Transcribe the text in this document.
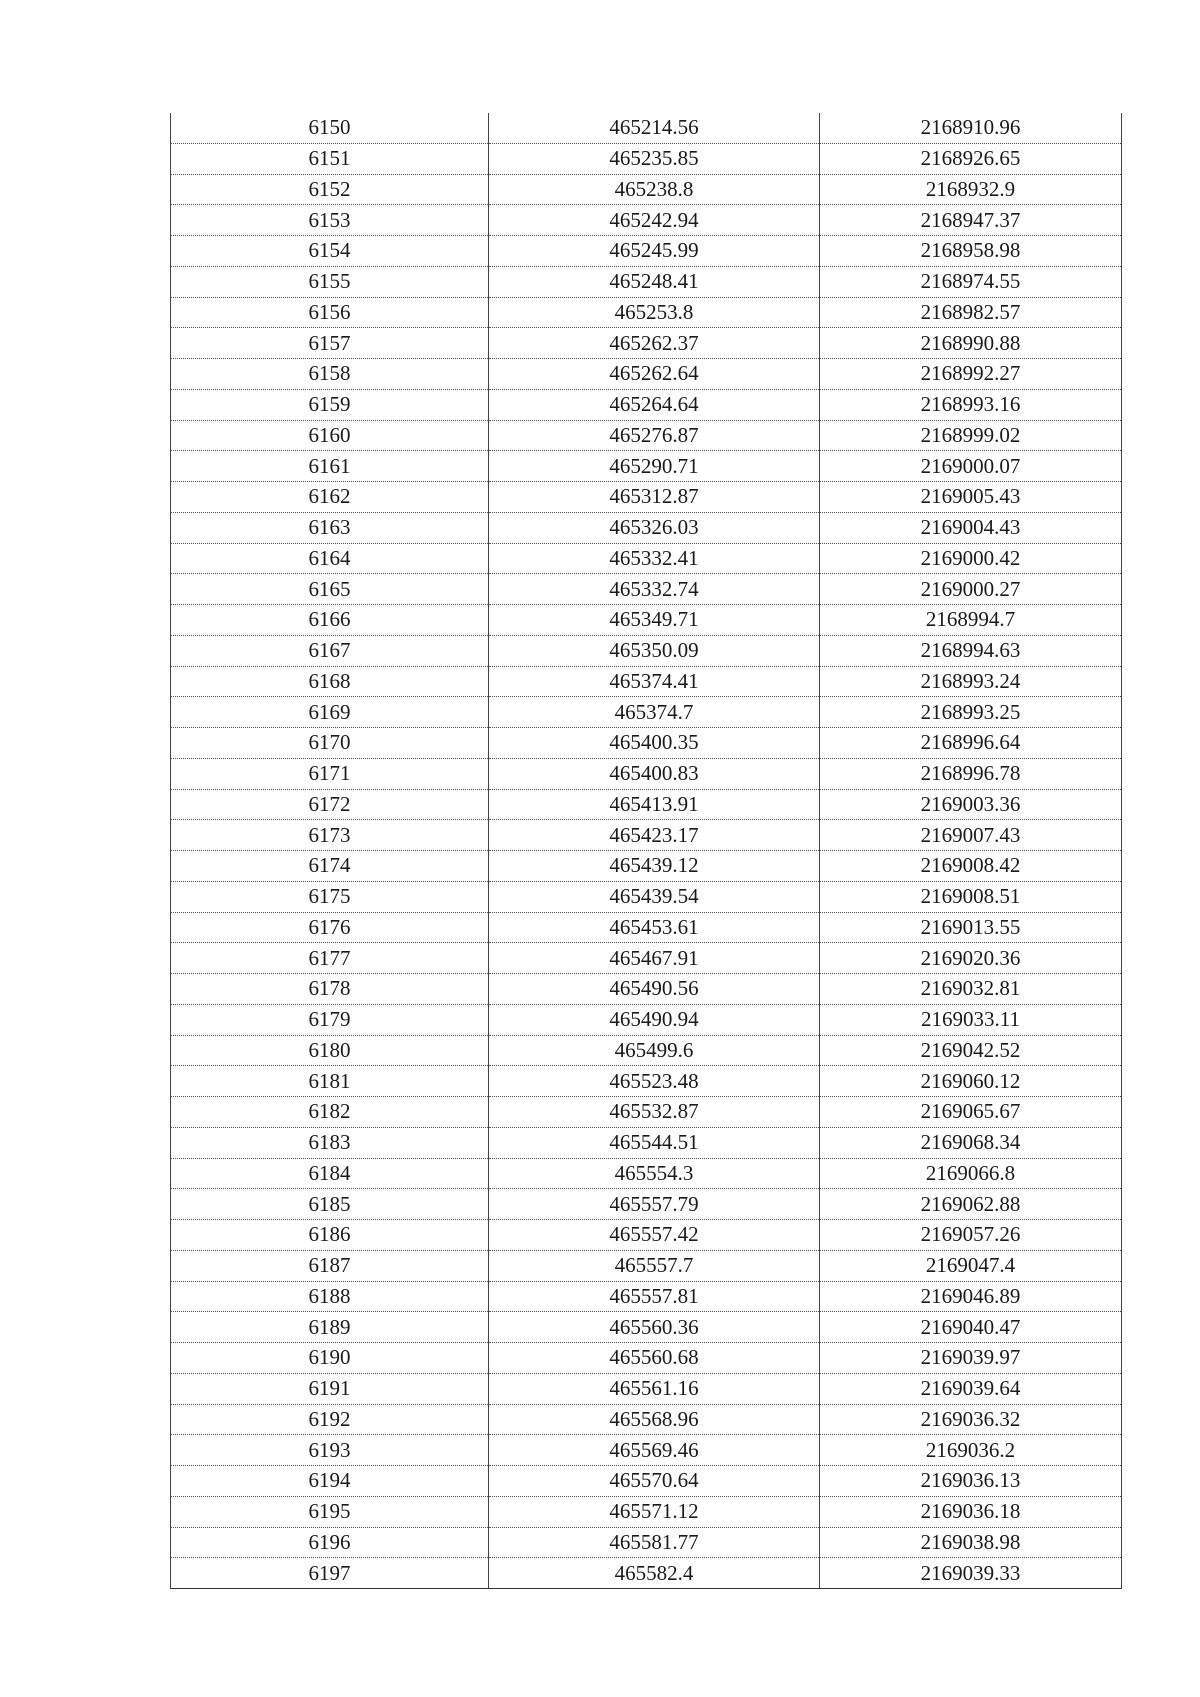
6150	465214.56	2168910.96
6151	465235.85	2168926.65
6152	465238.8	2168932.9
6153	465242.94	2168947.37
6154	465245.99	2168958.98
6155	465248.41	2168974.55
6156	465253.8	2168982.57
6157	465262.37	2168990.88
6158	465262.64	2168992.27
6159	465264.64	2168993.16
6160	465276.87	2168999.02
6161	465290.71	2169000.07
6162	465312.87	2169005.43
6163	465326.03	2169004.43
6164	465332.41	2169000.42
6165	465332.74	2169000.27
6166	465349.71	2168994.7
6167	465350.09	2168994.63
6168	465374.41	2168993.24
6169	465374.7	2168993.25
6170	465400.35	2168996.64
6171	465400.83	2168996.78
6172	465413.91	2169003.36
6173	465423.17	2169007.43
6174	465439.12	2169008.42
6175	465439.54	2169008.51
6176	465453.61	2169013.55
6177	465467.91	2169020.36
6178	465490.56	2169032.81
6179	465490.94	2169033.11
6180	465499.6	2169042.52
6181	465523.48	2169060.12
6182	465532.87	2169065.67
6183	465544.51	2169068.34
6184	465554.3	2169066.8
6185	465557.79	2169062.88
6186	465557.42	2169057.26
6187	465557.7	2169047.4
6188	465557.81	2169046.89
6189	465560.36	2169040.47
6190	465560.68	2169039.97
6191	465561.16	2169039.64
6192	465568.96	2169036.32
6193	465569.46	2169036.2
6194	465570.64	2169036.13
6195	465571.12	2169036.18
6196	465581.77	2169038.98
6197	465582.4	2169039.33
